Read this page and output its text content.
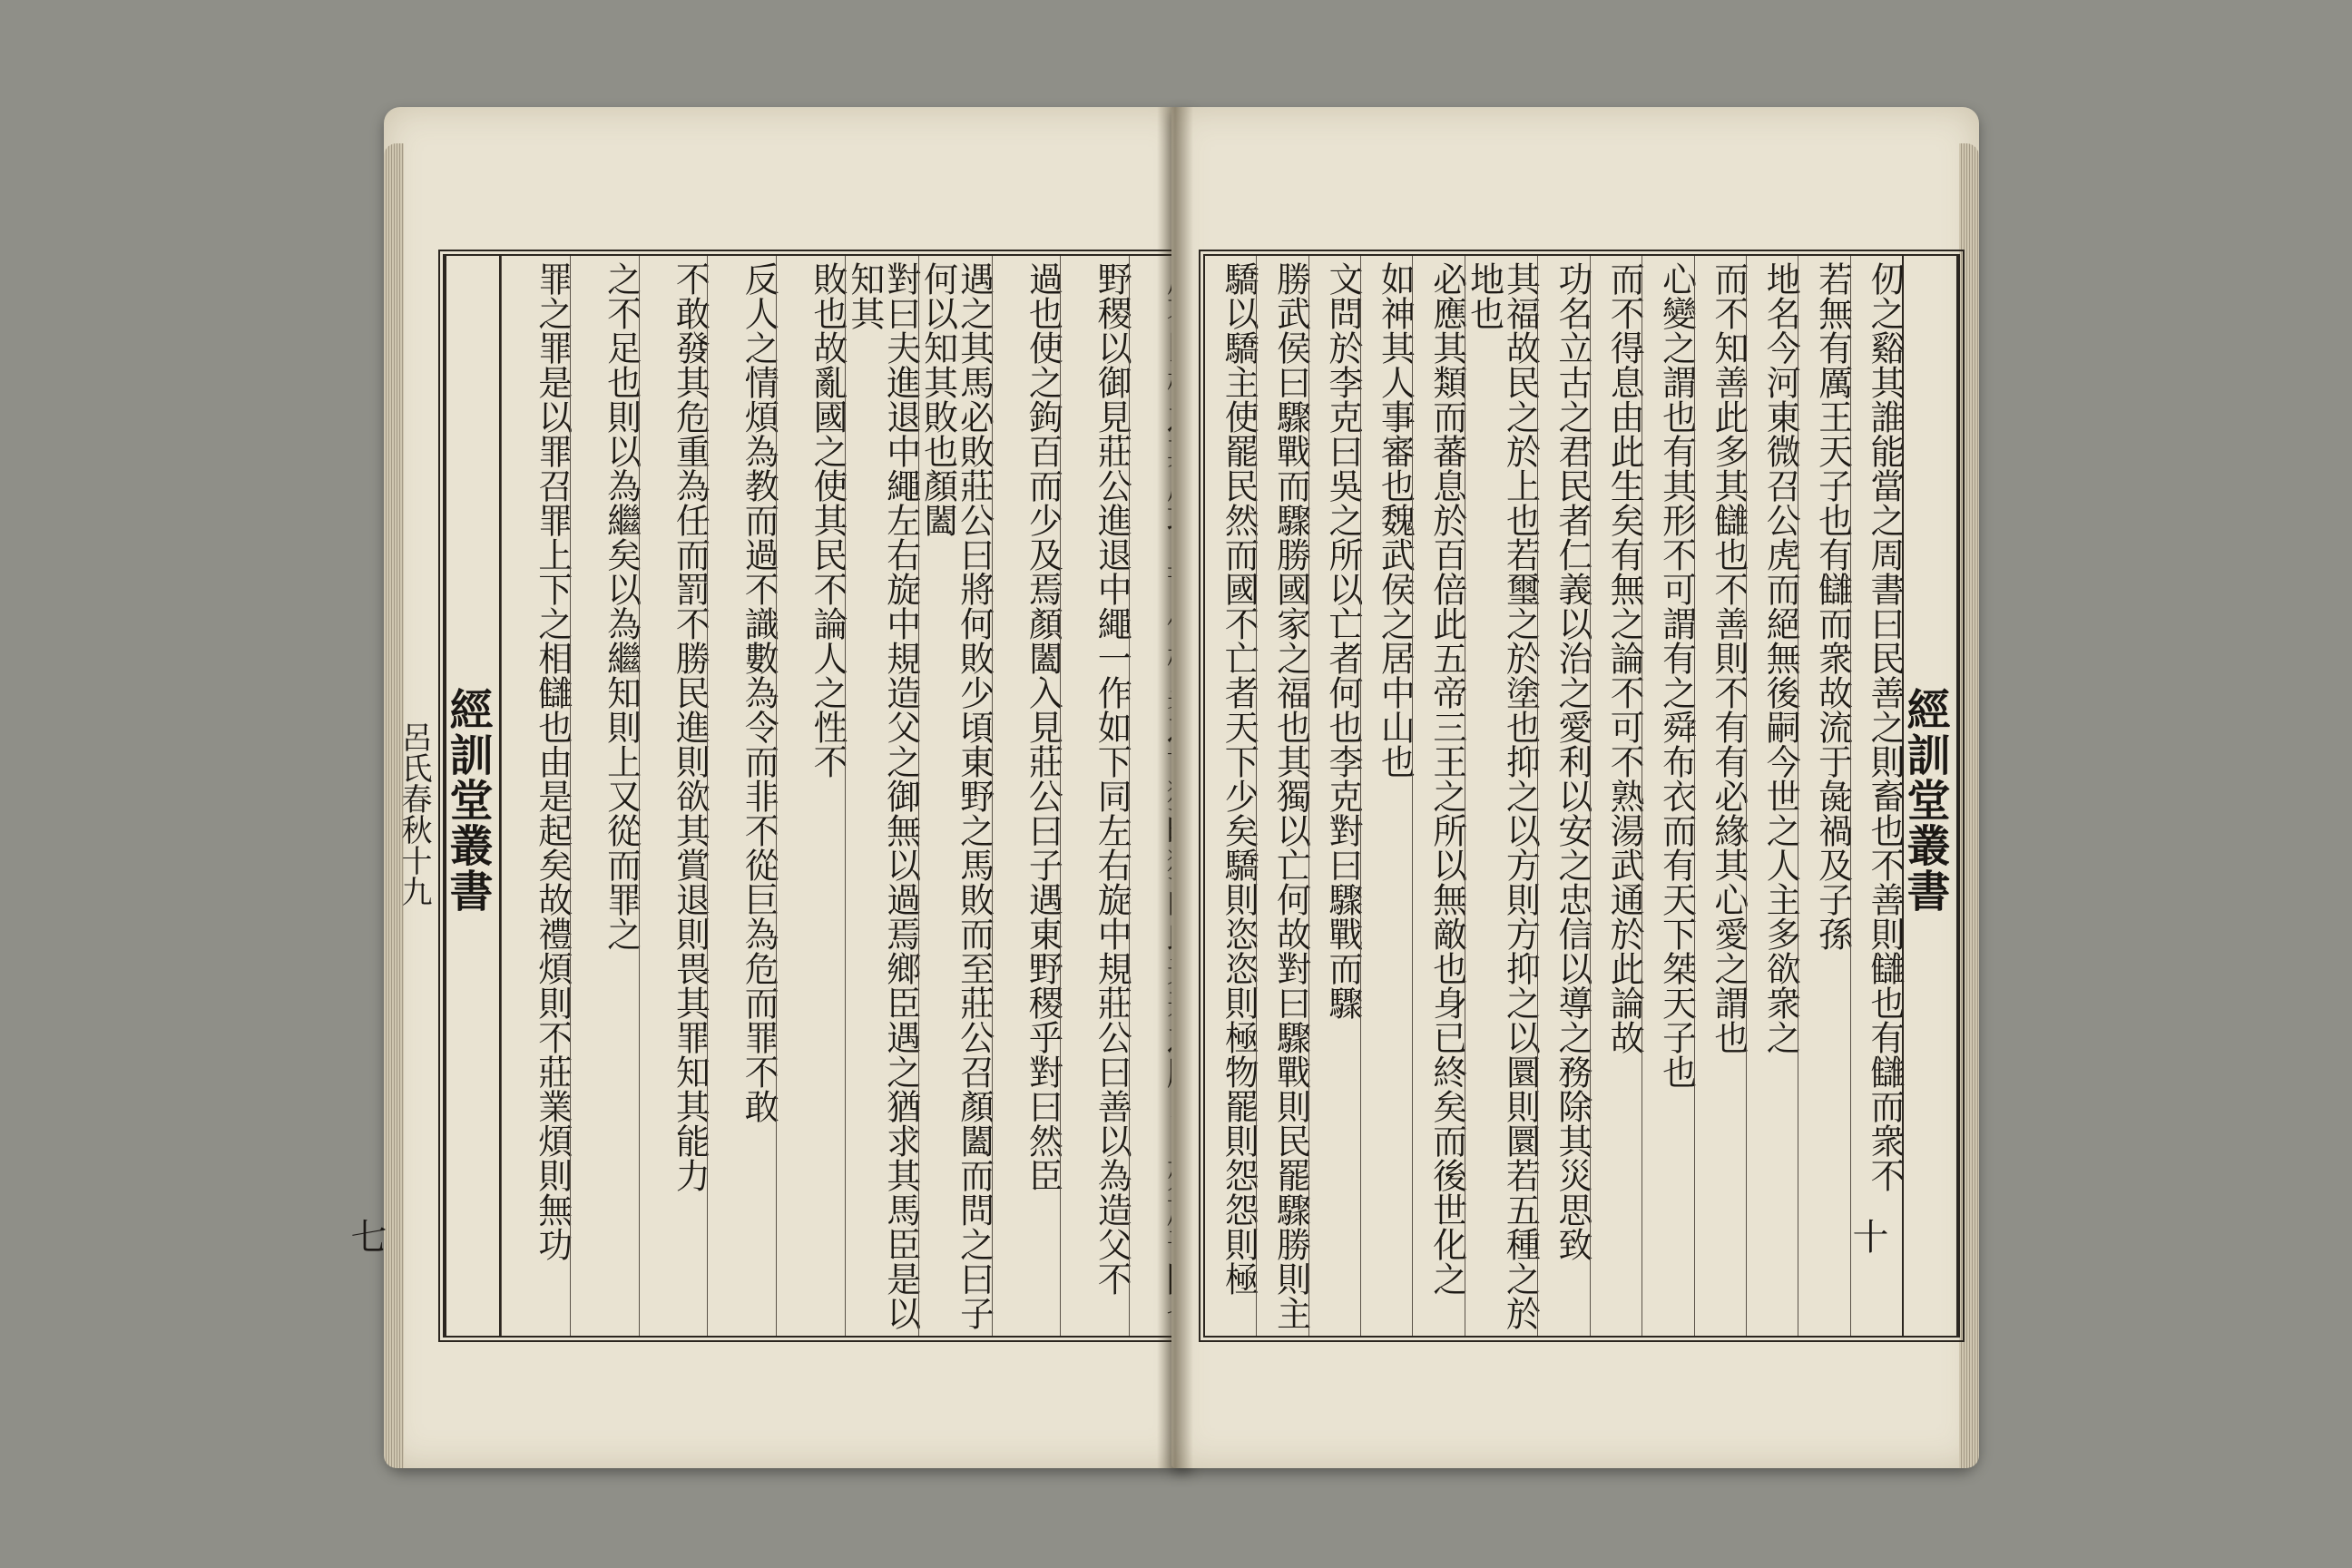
野稷以御見莊公進退中繩一作如下同左右旋中規莊公曰善以為造父不
過也使之鉤百而少及焉顏闔入見莊公曰子遇東野稷乎對曰然臣
遇之其馬必敗莊公曰將何敗少頃東野之馬敗而至莊公召顏闔而問之曰子何以知其敗也顏闔
對曰夫進退中繩左右旋中規造父之御無以過焉鄉臣遇之猶求其馬臣是以知其
敗也故亂國之使其民不論人之性不
反人之情煩為教而過不識數為令而非不從巨為危而罪不敢
不敢發其危重為任而罰不勝民進則欲其賞退則畏其罪知其能力
之不足也則以為繼矣以為繼知則上又從而罪之
罪之罪是以罪召罪上下之相讎也由是起矣故禮煩則不莊業煩則無功
經訓堂叢書
呂氏春秋十九
七
經訓堂叢書
十
仞之谿其誰能當之周書曰民善之則畜也不善則讎也有讎而衆不
若無有厲王天子也有讎而衆故流于彘禍及子孫
地名今河東微召公虎而絕無後嗣今世之人主多欲衆之
而不知善此多其讎也不善則不有有必緣其心愛之謂也
心變之謂也有其形不可謂有之舜布衣而有天下桀天子也
而不得息由此生矣有無之論不可不熟湯武通於此論故
功名立古之君民者仁義以治之愛利以安之忠信以導之務除其災思致
其福故民之於上也若璽之於塗也抑之以方則方抑之以圜則圜若五種之於地也
必應其類而蕃息於百倍此五帝三王之所以無敵也身已終矣而後世化之
如神其人事審也魏武侯之居中山也
文問於李克曰吳之所以亡者何也李克對曰驟戰而驟
勝武侯曰驟戰而驟勝國家之福也其獨以亡何故對曰驟戰則民罷驟勝則主
驕以驕主使罷民然而國不亡者天下少矣驕則恣恣則極物罷則怨怨則極
